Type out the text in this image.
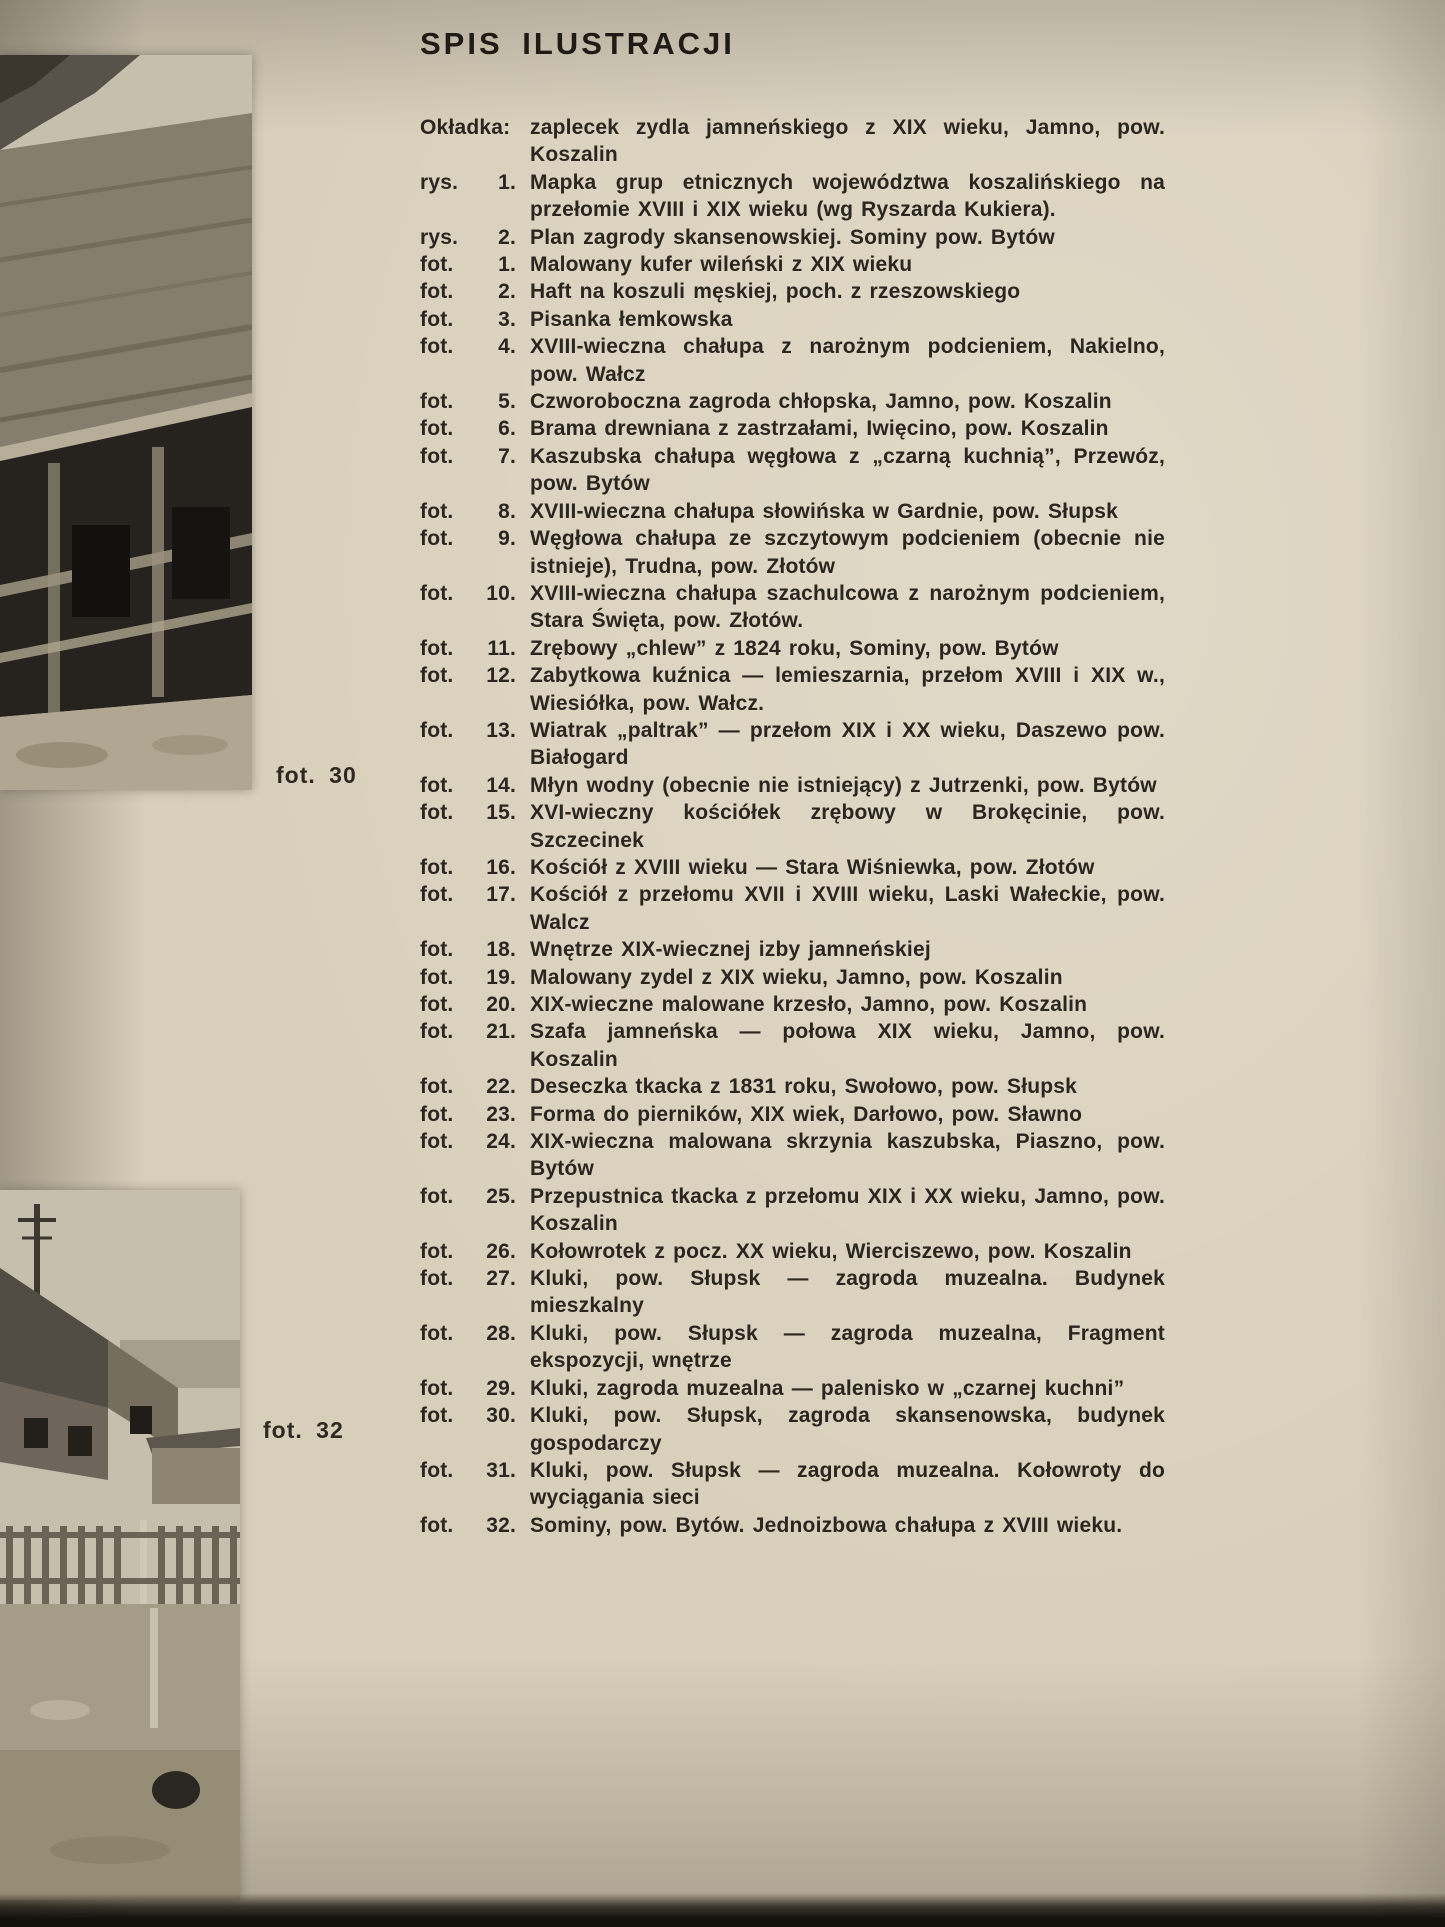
fot. 30
fot. 32
SPIS ILUSTRACJI
Okładka: zaplecek zydla jamneńskiego z XIX wieku, Jamno, pow. Koszalin
rys. 1. Mapka grup etnicznych województwa koszalińskiego na przełomie XVIII i XIX wieku (wg Ryszarda Kukiera).
rys. 2. Plan zagrody skansenowskiej. Sominy pow. Bytów
fot. 1. Malowany kufer wileński z XIX wieku
fot. 2. Haft na koszuli męskiej, poch. z rzeszowskiego
fot. 3. Pisanka łemkowska
fot. 4. XVIII-wieczna chałupa z narożnym podcieniem, Nakielno, pow. Wałcz
fot. 5. Czworoboczna zagroda chłopska, Jamno, pow. Koszalin
fot. 6. Brama drewniana z zastrzałami, Iwięcino, pow. Koszalin
fot. 7. Kaszubska chałupa węgłowa z „czarną kuchnią”, Przewóz, pow. Bytów
fot. 8. XVIII-wieczna chałupa słowińska w Gardnie, pow. Słupsk
fot. 9. Węgłowa chałupa ze szczytowym podcieniem (obecnie nie istnieje), Trudna, pow. Złotów
fot. 10. XVIII-wieczna chałupa szachulcowa z narożnym podcieniem, Stara Święta, pow. Złotów.
fot. 11. Zrębowy „chlew” z 1824 roku, Sominy, pow. Bytów
fot. 12. Zabytkowa kuźnica — lemieszarnia, przełom XVIII i XIX w., Wiesiółka, pow. Wałcz.
fot. 13. Wiatrak „paltrak” — przełom XIX i XX wieku, Daszewo pow. Białogard
fot. 14. Młyn wodny (obecnie nie istniejący) z Jutrzenki, pow. Bytów
fot. 15. XVI-wieczny kościółek zrębowy w Brokęcinie, pow. Szczecinek
fot. 16. Kościół z XVIII wieku — Stara Wiśniewka, pow. Złotów
fot. 17. Kościół z przełomu XVII i XVIII wieku, Laski Wałeckie, pow. Walcz
fot. 18. Wnętrze XIX-wiecznej izby jamneńskiej
fot. 19. Malowany zydel z XIX wieku, Jamno, pow. Koszalin
fot. 20. XIX-wieczne malowane krzesło, Jamno, pow. Koszalin
fot. 21. Szafa jamneńska — połowa XIX wieku, Jamno, pow. Koszalin
fot. 22. Deseczka tkacka z 1831 roku, Swołowo, pow. Słupsk
fot. 23. Forma do pierników, XIX wiek, Darłowo, pow. Sławno
fot. 24. XIX-wieczna malowana skrzynia kaszubska, Piaszno, pow. Bytów
fot. 25. Przepustnica tkacka z przełomu XIX i XX wieku, Jamno, pow. Koszalin
fot. 26. Kołowrotek z pocz. XX wieku, Wierciszewo, pow. Koszalin
fot. 27. Kluki, pow. Słupsk — zagroda muzealna. Budynek mieszkalny
fot. 28. Kluki, pow. Słupsk — zagroda muzealna, Fragment ekspozycji, wnętrze
fot. 29. Kluki, zagroda muzealna — palenisko w „czarnej kuchni”
fot. 30. Kluki, pow. Słupsk, zagroda skansenowska, budynek gospodarczy
fot. 31. Kluki, pow. Słupsk — zagroda muzealna. Kołowroty do wyciągania sieci
fot. 32. Sominy, pow. Bytów. Jednoizbowa chałupa z XVIII wieku.
